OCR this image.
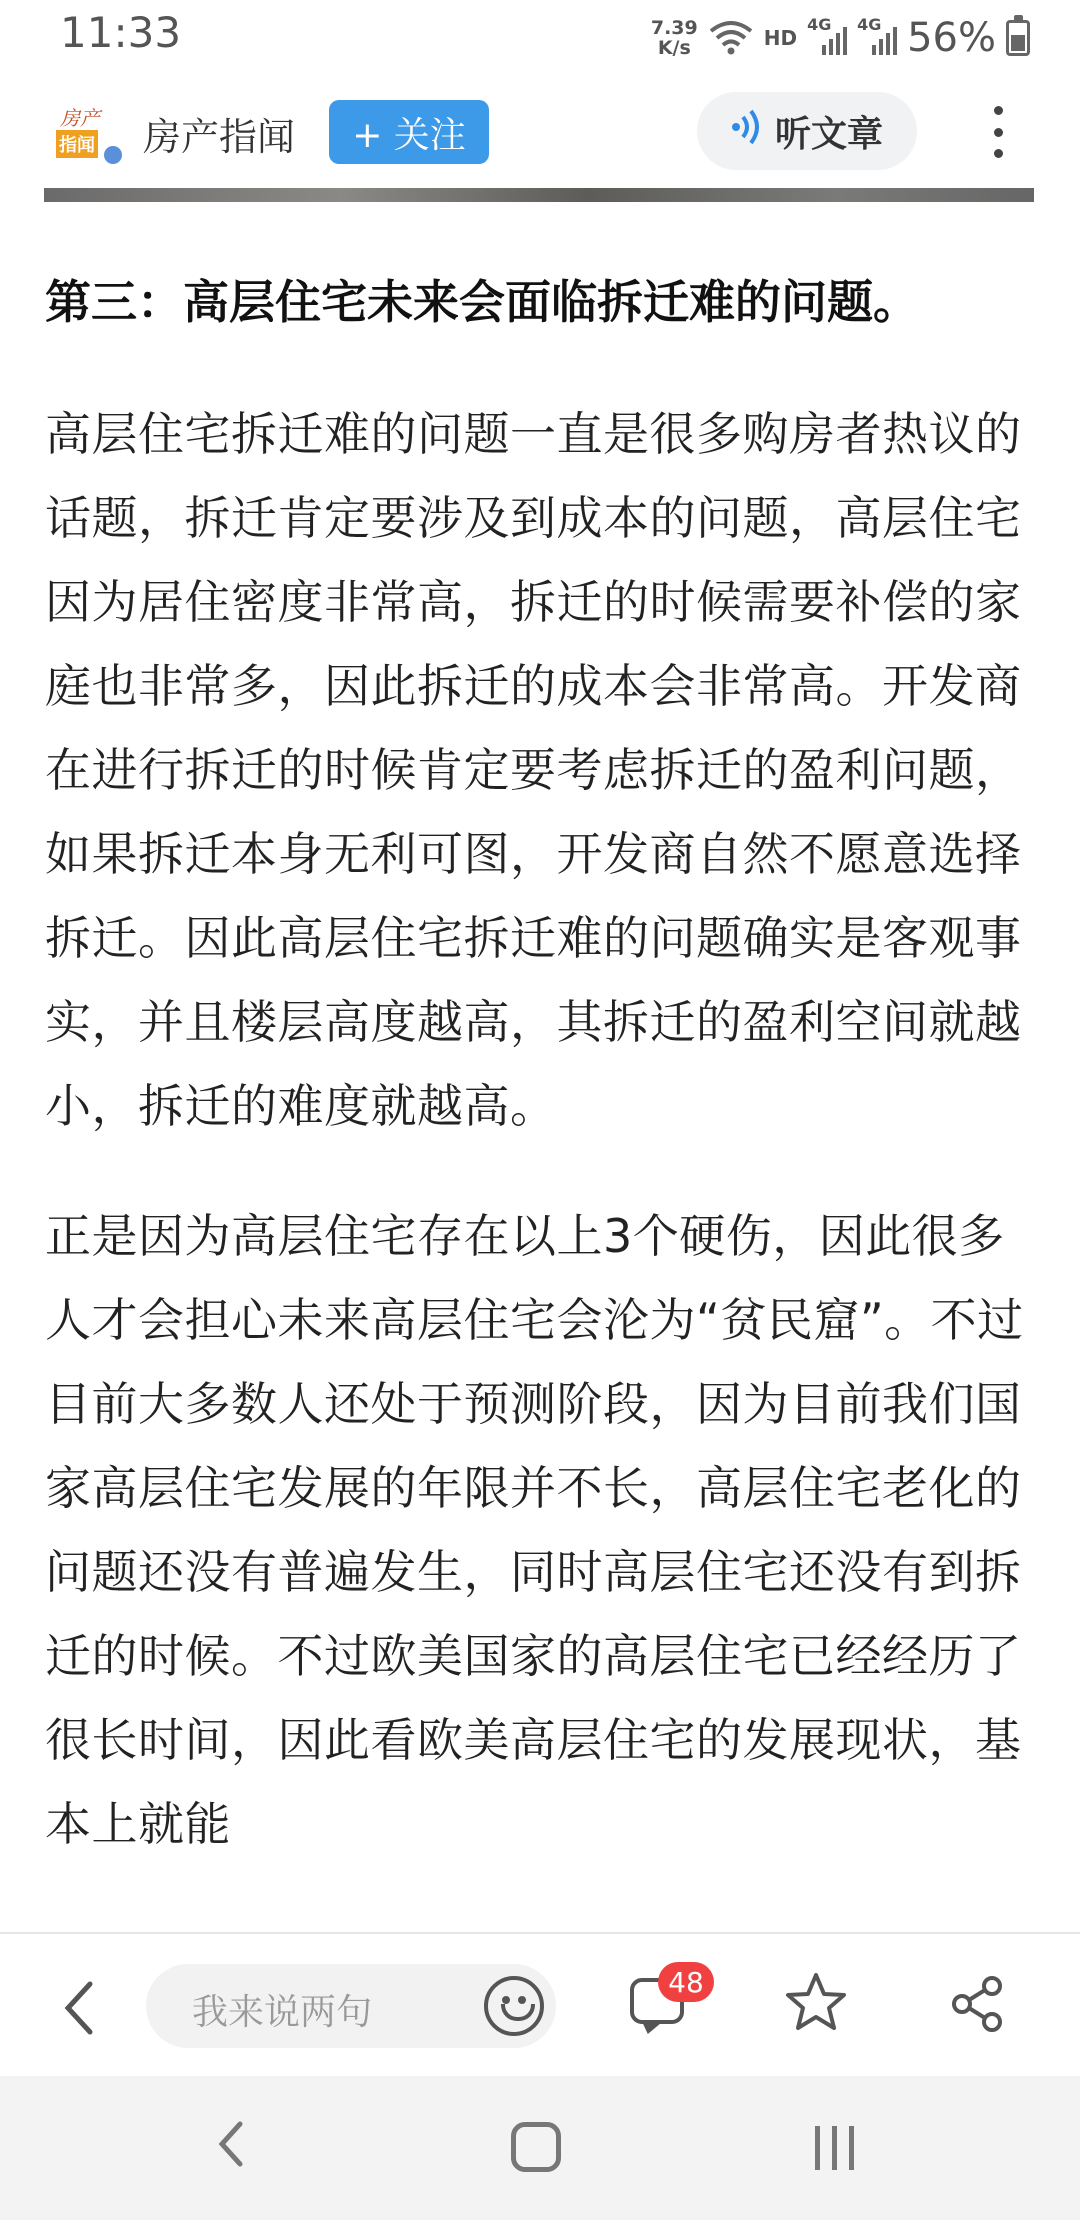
11:33	7.39
K/s	HD
4G 4G 56%
房产
指闻 房产指闻	+ 关注	听文章
第三：高层住宅未来会面临拆迁难的问题。

高层住宅拆迁难的问题一直是很多购房者热议的话题，拆迁肯定要涉及到成本的问题，高层住宅因为居住密度非常高，拆迁的时候需要补偿的家庭也非常多，因此拆迁的成本会非常高。开发商在进行拆迁的时候肯定要考虑拆迁的盈利问题，如果拆迁本身无利可图，开发商自然不愿意选择拆迁。因此高层住宅拆迁难的问题确实是客观事实，并且楼层高度越高，其拆迁的盈利空间就越小，拆迁的难度就越高。

正是因为高层住宅存在以上3个硬伤，因此很多人才会担心未来高层住宅会沦为“贫民窟”。不过目前大多数人还处于预测阶段，因为目前我们国家高层住宅发展的年限并不长，高层住宅老化的问题还没有普遍发生，同时高层住宅还没有到拆迁的时候。不过欧美国家的高层住宅已经经历了很长时间，因此看欧美高层住宅的发展现状，基本上就能

我来说两句
48
